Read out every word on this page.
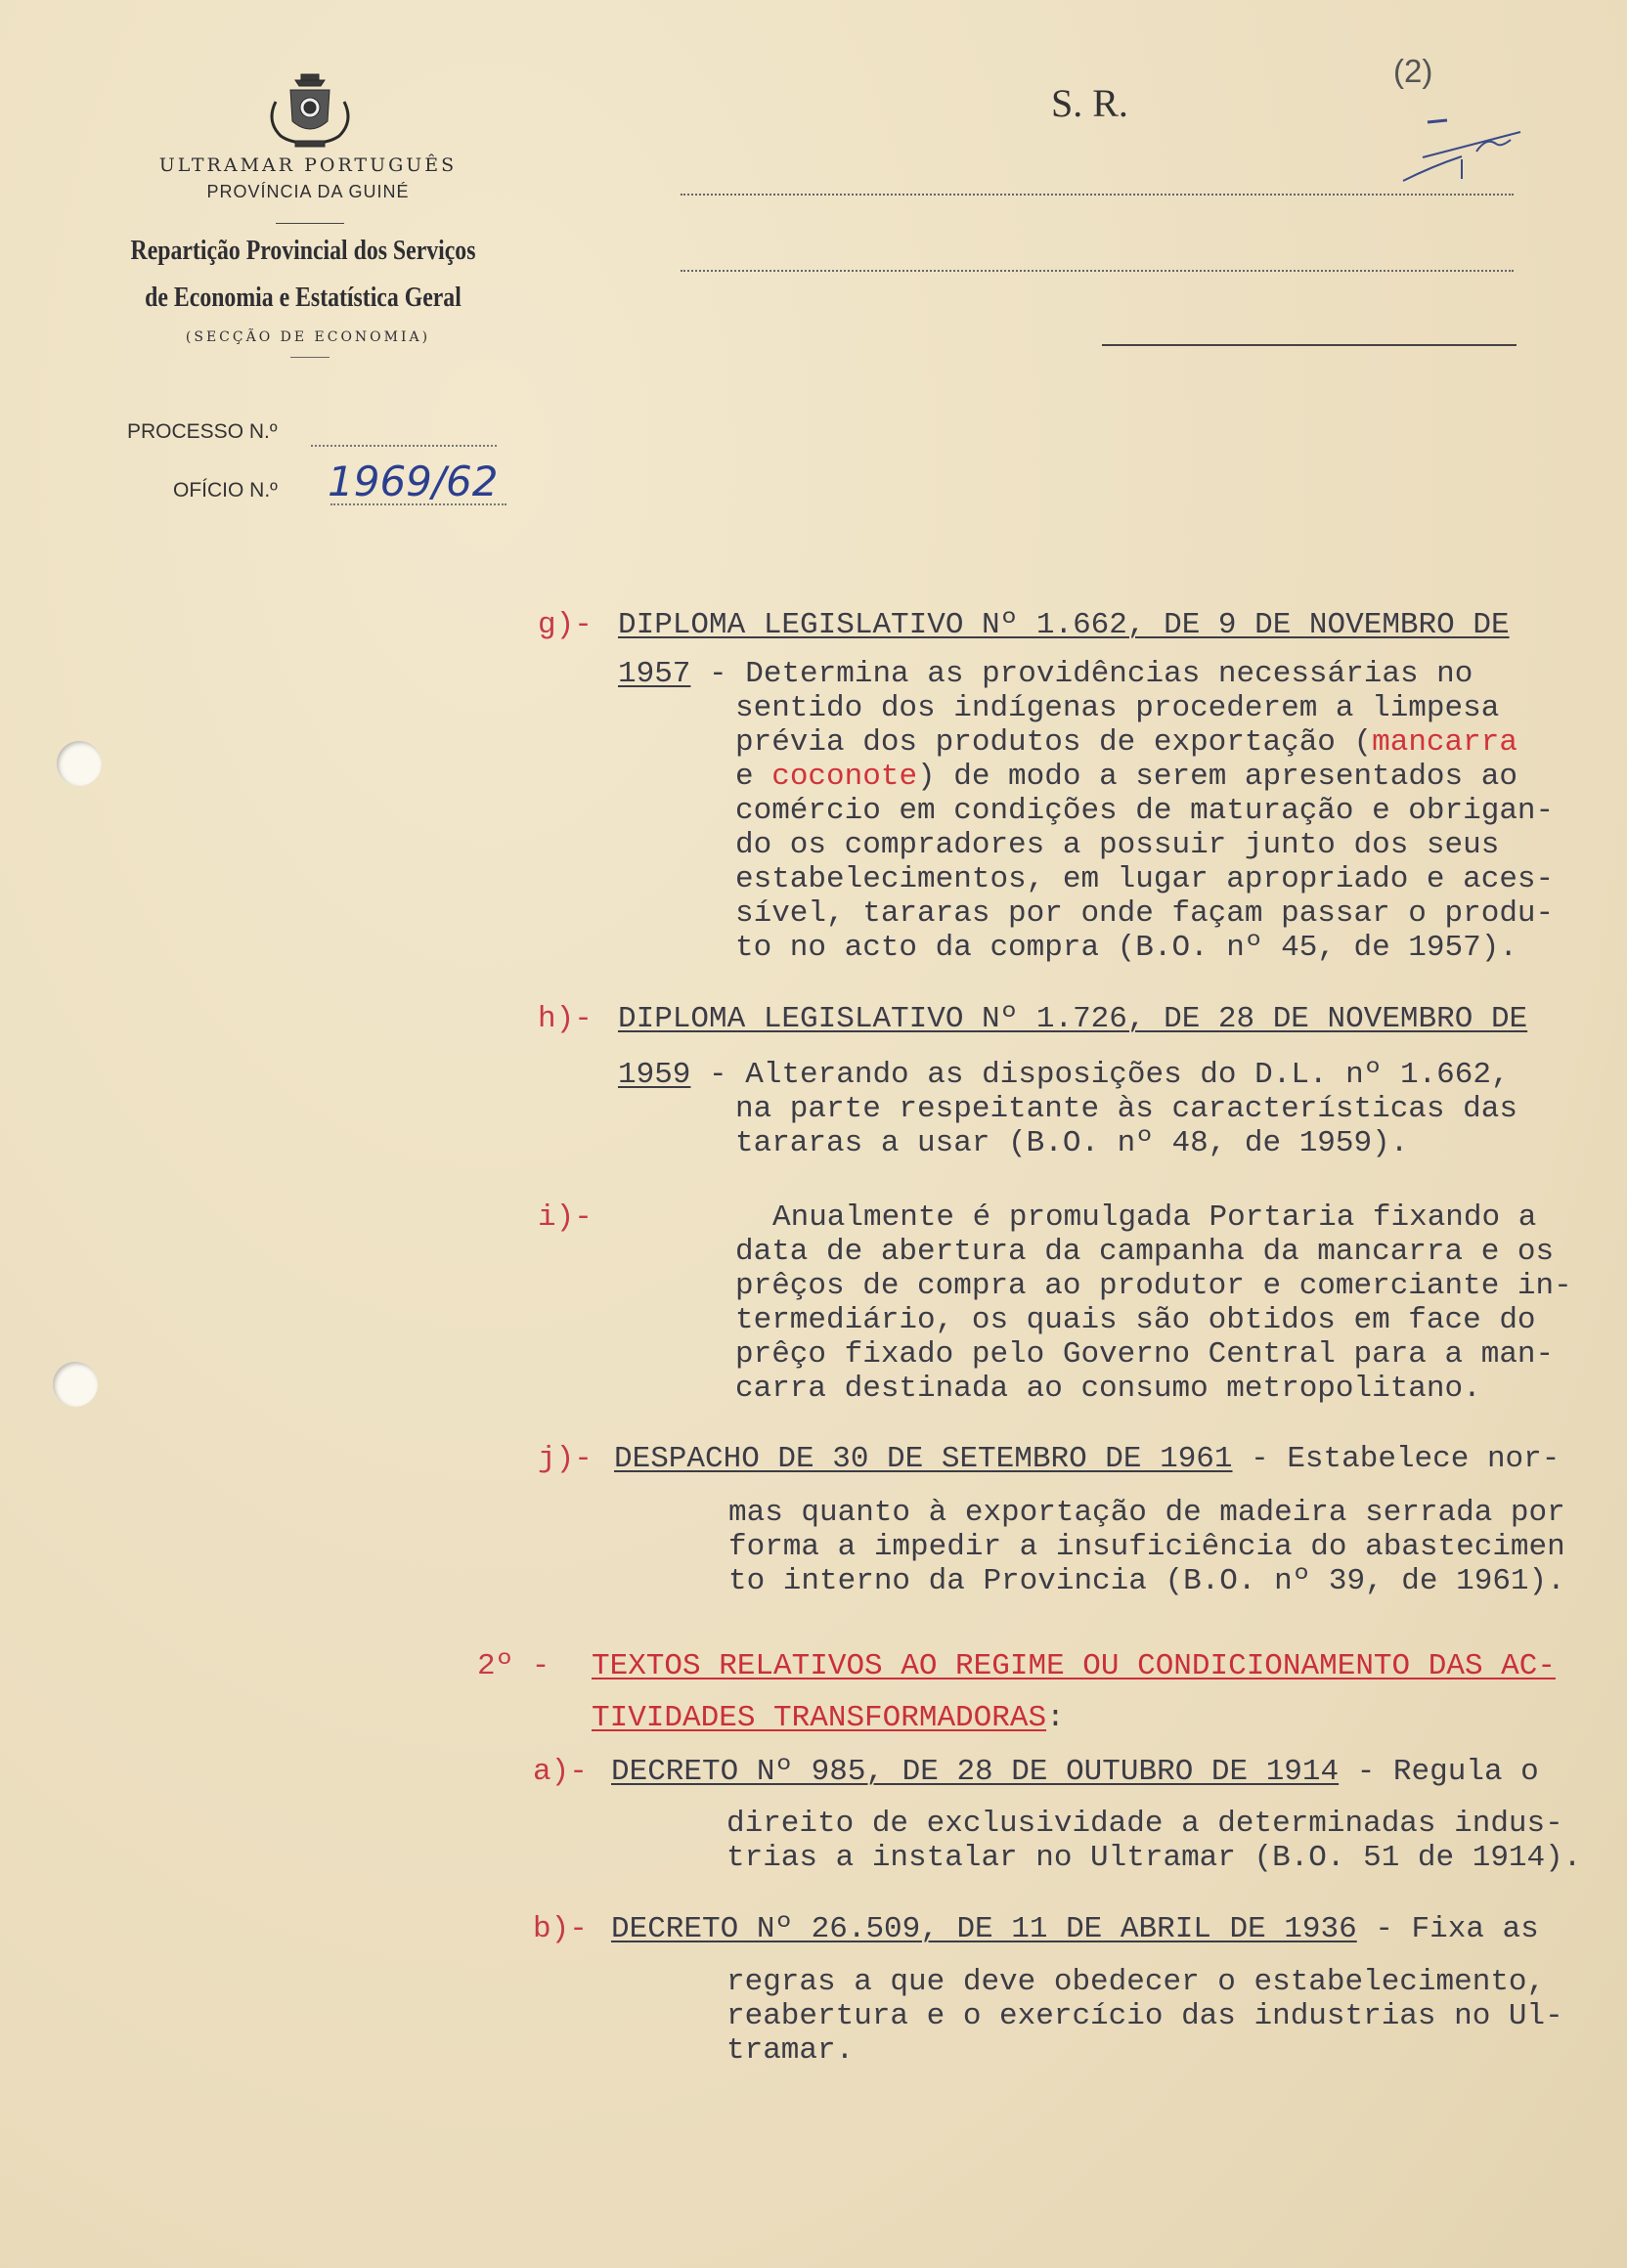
ULTRAMAR PORTUGUÊS
PROVÍNCIA DA GUINÉ
Repartição Provincial dos Serviços
de Economia e Estatística Geral
(SECÇÃO DE ECONOMIA)
S. R.
(2)
PROCESSO N.º
OFÍCIO N.º 1969/62
g)- DIPLOMA LEGISLATIVO Nº 1.662, DE 9 DE NOVEMBRO DE
1957 - Determina as providências necessárias no
sentido dos indígenas procederem a limpesa
prévia dos produtos de exportação (mancarra
e coconote) de modo a serem apresentados ao
comércio em condições de maturação e obrigan-
do os compradores a possuir junto dos seus
estabelecimentos, em lugar apropriado e aces-
sível, tararas por onde façam passar o produ-
to no acto da compra (B.O. nº 45, de 1957).
h)- DIPLOMA LEGISLATIVO Nº 1.726, DE 28 DE NOVEMBRO DE
1959 - Alterando as disposições do D.L. nº 1.662,
na parte respeitante às características das
tararas a usar (B.O. nº 48, de 1959).
i)-	Anualmente é promulgada Portaria fixando a
data de abertura da campanha da mancarra e os
prêços de compra ao produtor e comerciante in-
termediário, os quais são obtidos em face do
prêço fixado pelo Governo Central para a man-
carra destinada ao consumo metropolitano.
j)- DESPACHO DE 30 DE SETEMBRO DE 1961 - Estabelece nor-
mas quanto à exportação de madeira serrada por
forma a impedir a insuficiência do abastecimen
to interno da Provincia (B.O. nº 39, de 1961).
2º - TEXTOS RELATIVOS AO REGIME OU CONDICIONAMENTO DAS AC-
TIVIDADES TRANSFORMADORAS:
a)- DECRETO Nº 985, DE 28 DE OUTUBRO DE 1914 - Regula o
direito de exclusividade a determinadas indus-
trias a instalar no Ultramar (B.O. 51 de 1914).
b)- DECRETO Nº 26.509, DE 11 DE ABRIL DE 1936 - Fixa as
regras a que deve obedecer o estabelecimento,
reabertura e o exercício das industrias no Ul-
tramar.
